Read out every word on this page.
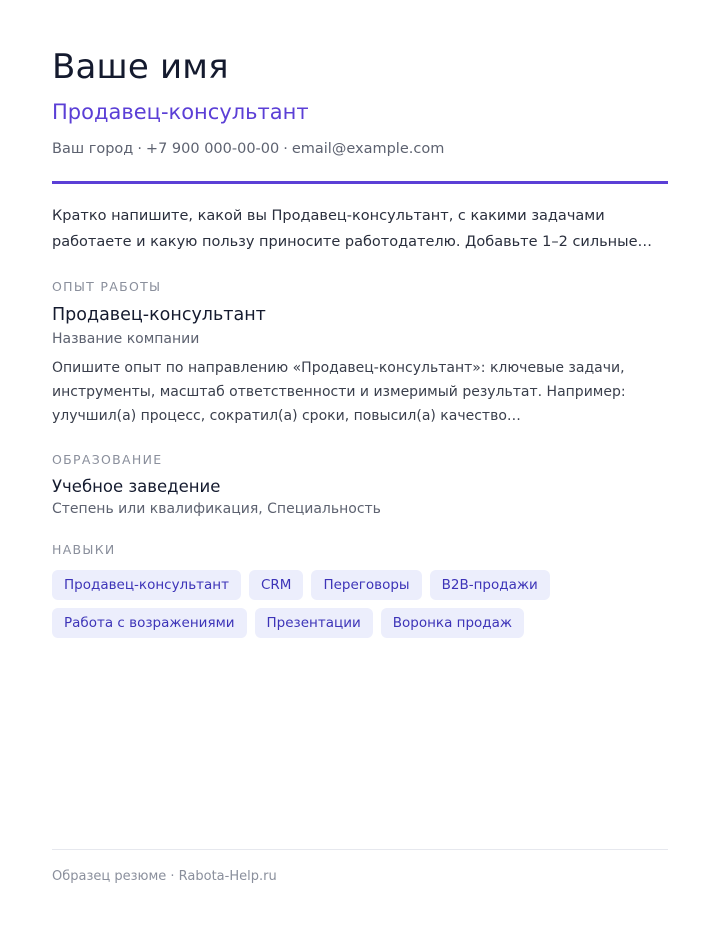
Ваше имя
Продавец-консультант
Ваш город · +7 900 000-00-00 · email@example.com
Кратко напишите, какой вы Продавец-консультант, с какими задачами работаете и какую пользу приносите работодателю. Добавьте 1–2 сильные…
ОПЫТ РАБОТЫ
Продавец-консультант
Название компании
Опишите опыт по направлению «Продавец-консультант»: ключевые задачи, инструменты, масштаб ответственности и измеримый результат. Например: улучшил(а) процесс, сократил(а) сроки, повысил(а) качество…
ОБРАЗОВАНИЕ
Учебное заведение
Степень или квалификация, Специальность
НАВЫКИ
Продавец-консультант	CRM	Переговоры	B2B-продажи
Работа с возражениями	Презентации	Воронка продаж
Образец резюме · Rabota-Help.ru
